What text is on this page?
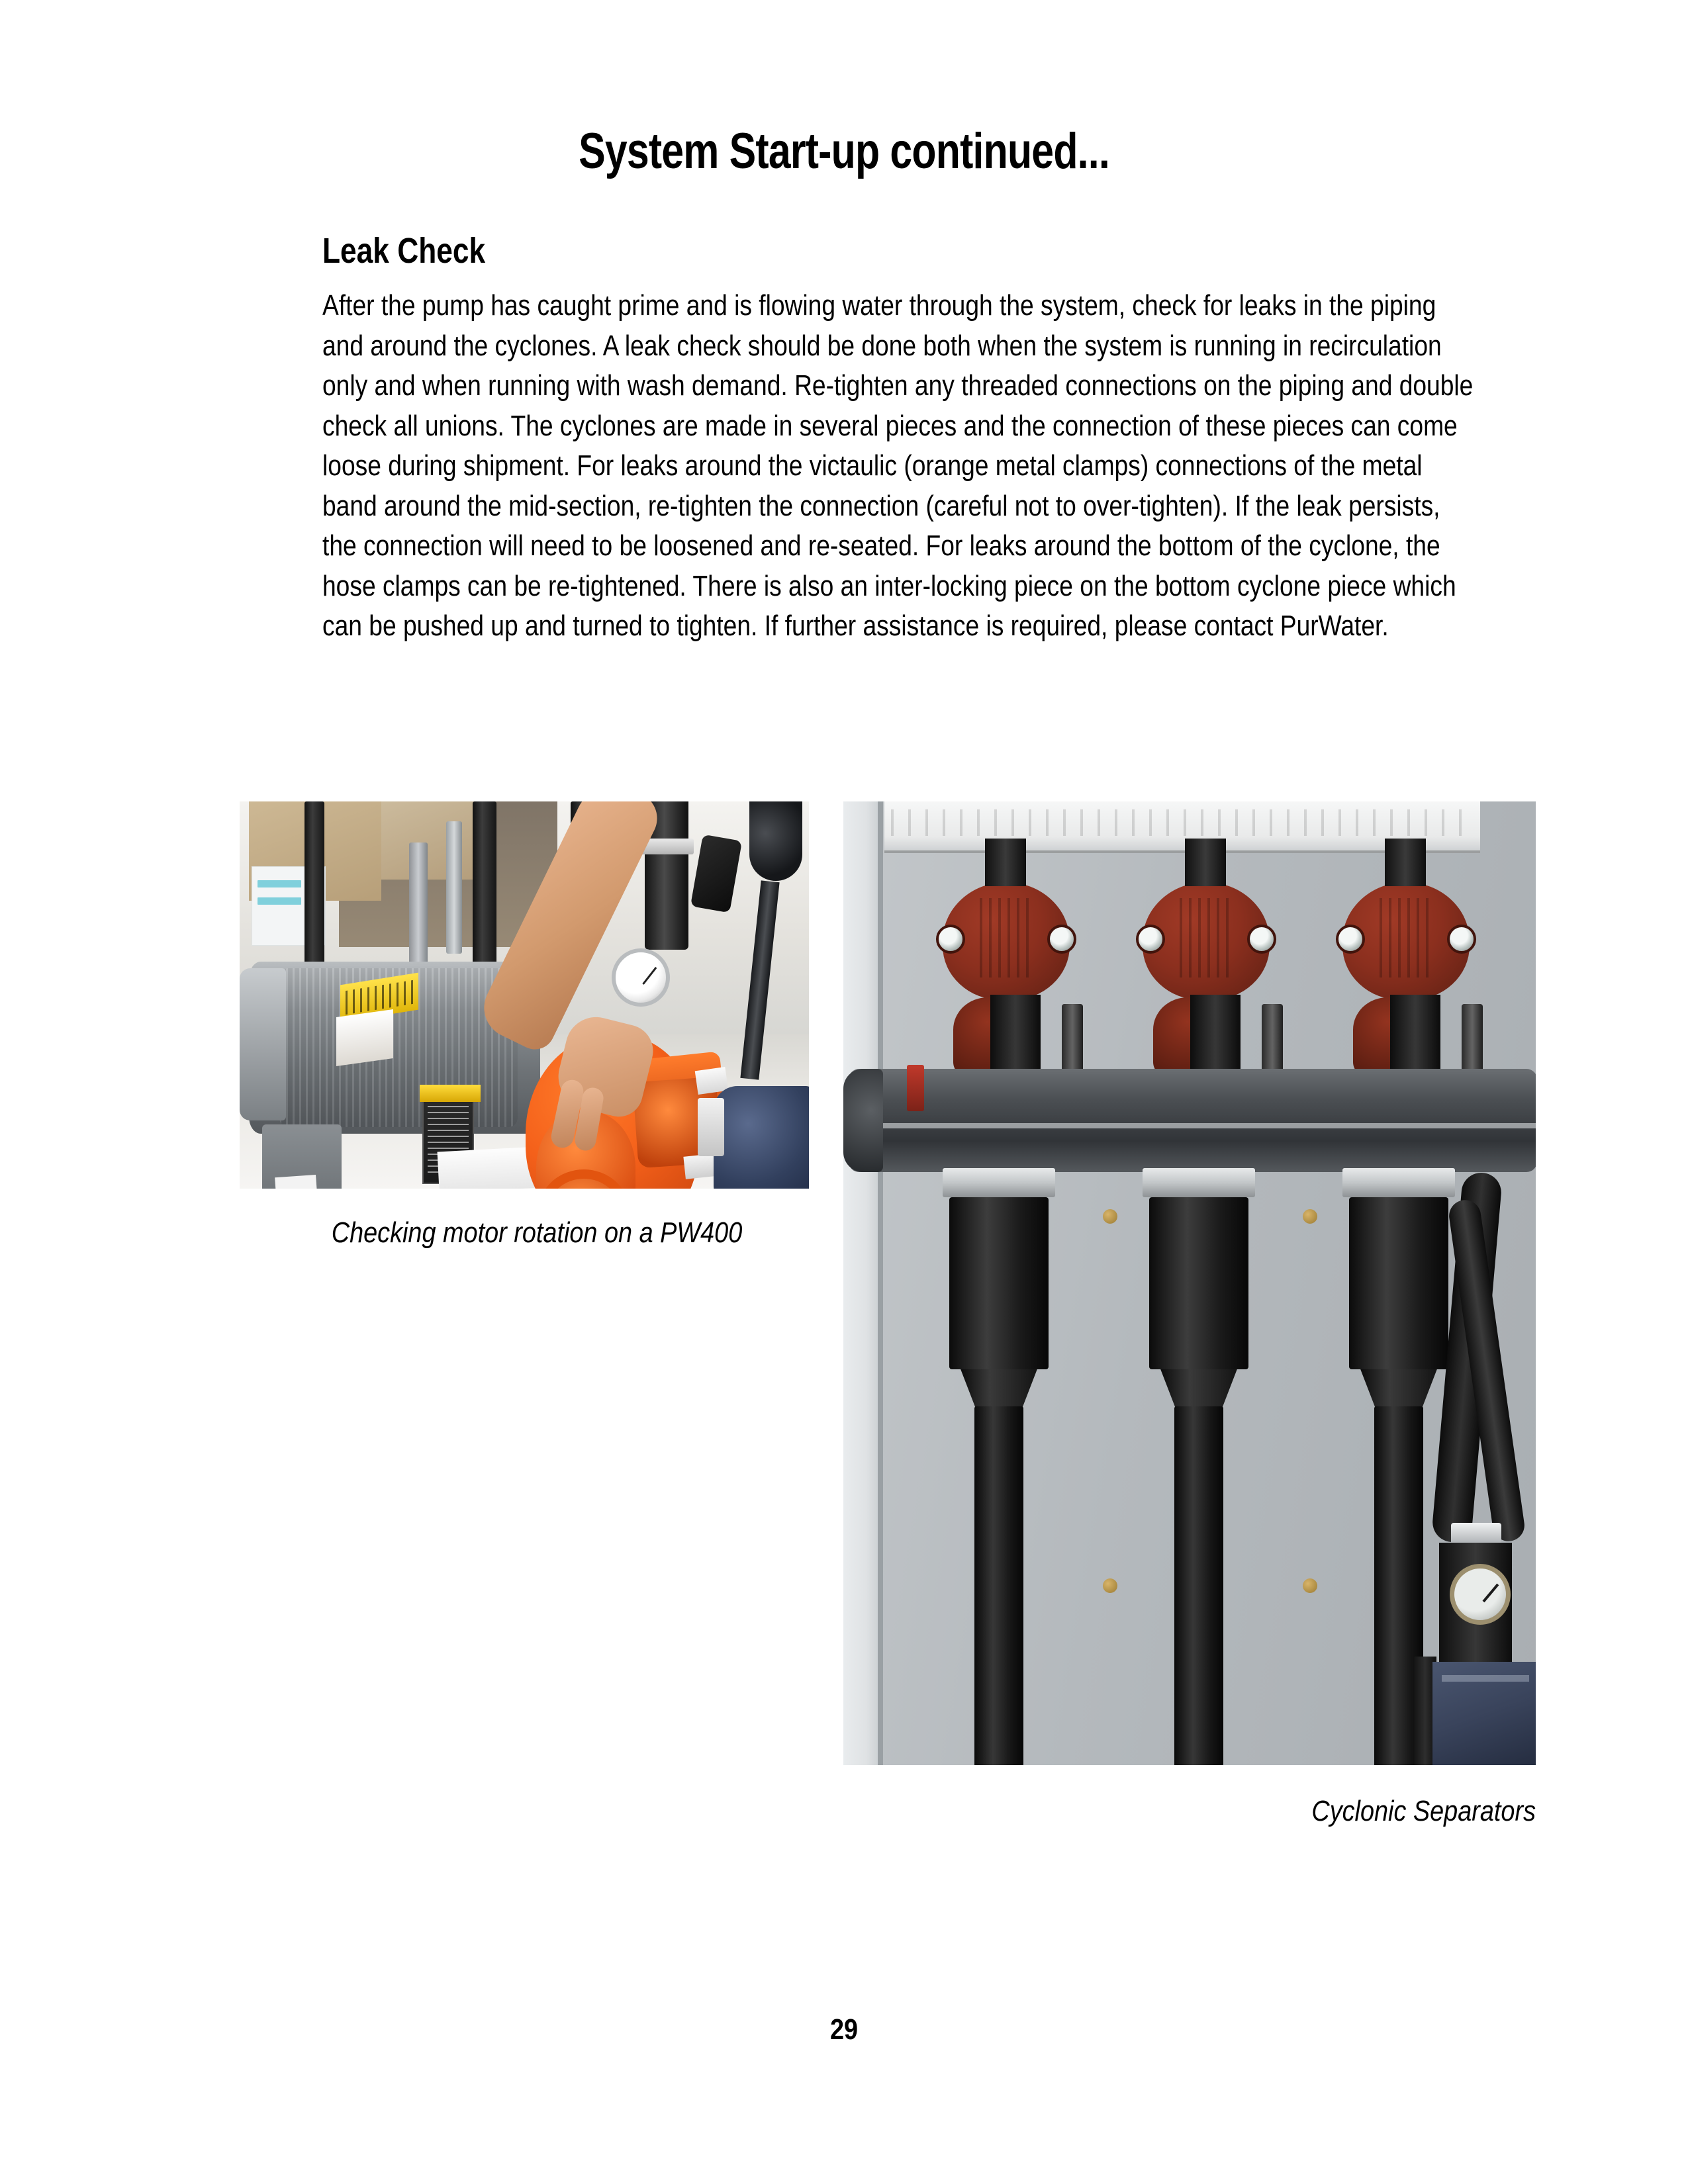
System Start-up continued...
Leak Check

After the pump has caught prime and is flowing water through the system, check for leaks in the piping and around the cyclones. A leak check should be done both when the system is running in recirculation only and when running with wash demand. Re-tighten any threaded connections on the piping and double check all unions. The cyclones are made in several pieces and the connection of these pieces can come loose during shipment. For leaks around the victaulic (orange metal clamps) connections of the metal band around the mid-section, re-tighten the connection (careful not to over-tighten). If the leak persists, the connection will need to be loosened and re-seated. For leaks around the bottom of the cyclone, the hose clamps can be re-tightened. There is also an inter-locking piece on the bottom cyclone piece which can be pushed up and turned to tighten. If further assistance is required, please contact PurWater.

Checking motor rotation on a PW400
Cyclonic Separators
29
